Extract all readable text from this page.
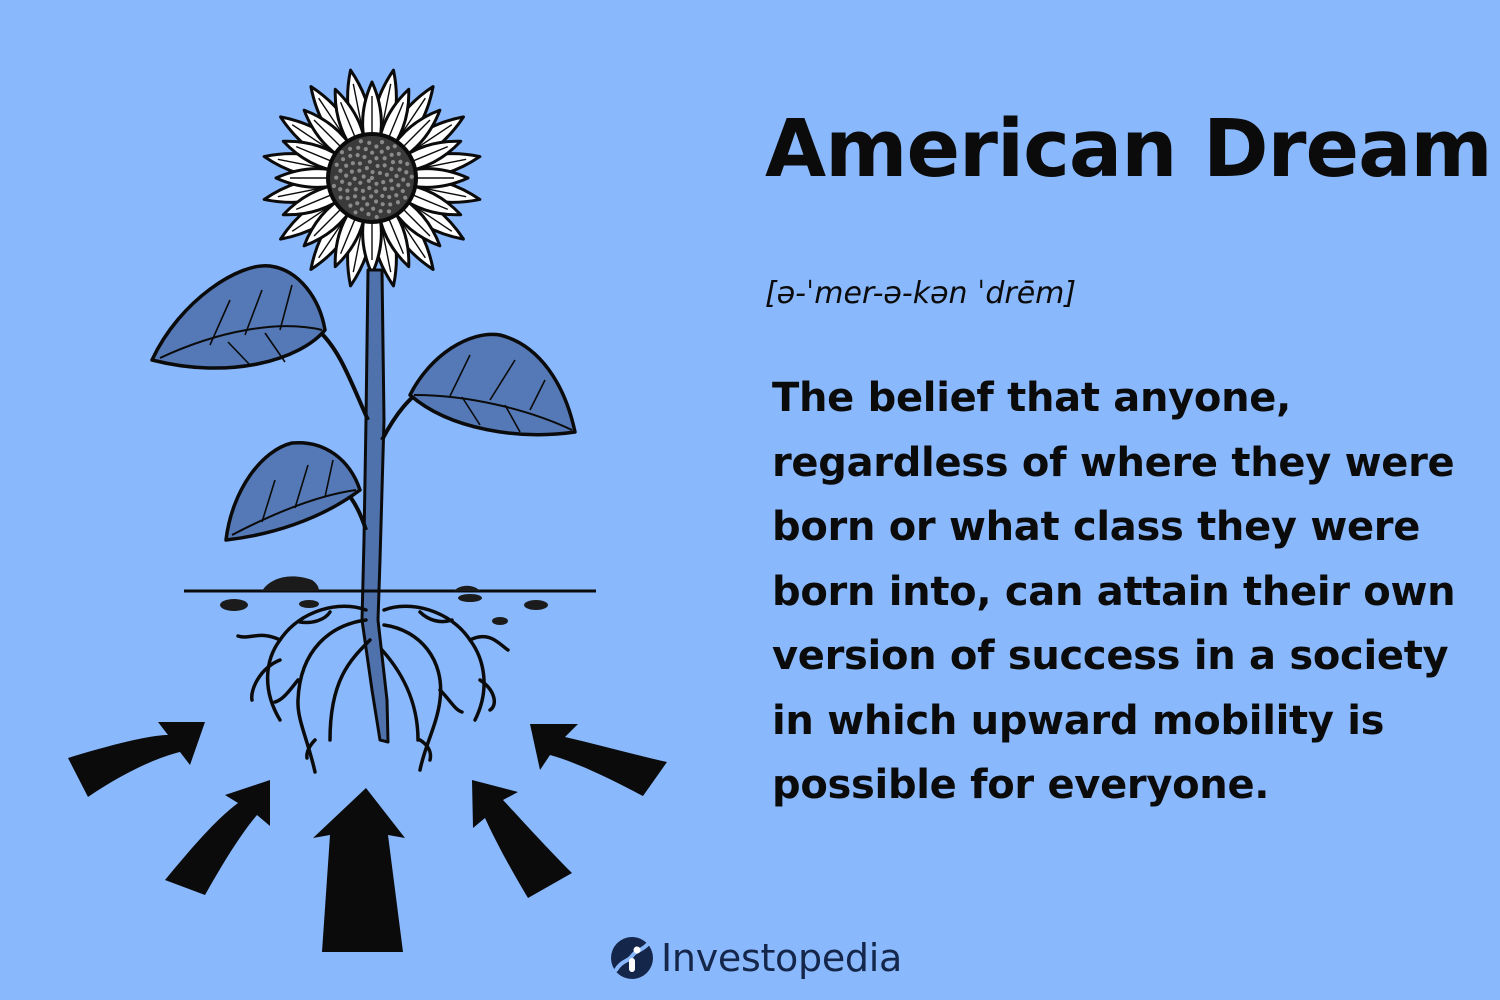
American Dream
[ə-ˈmer-ə-kən ˈdrēm]

The belief that anyone, regardless of where they were born or what class they were born into, can attain their own version of success in a society in which upward mobility is possible for everyone.

Investopedia
